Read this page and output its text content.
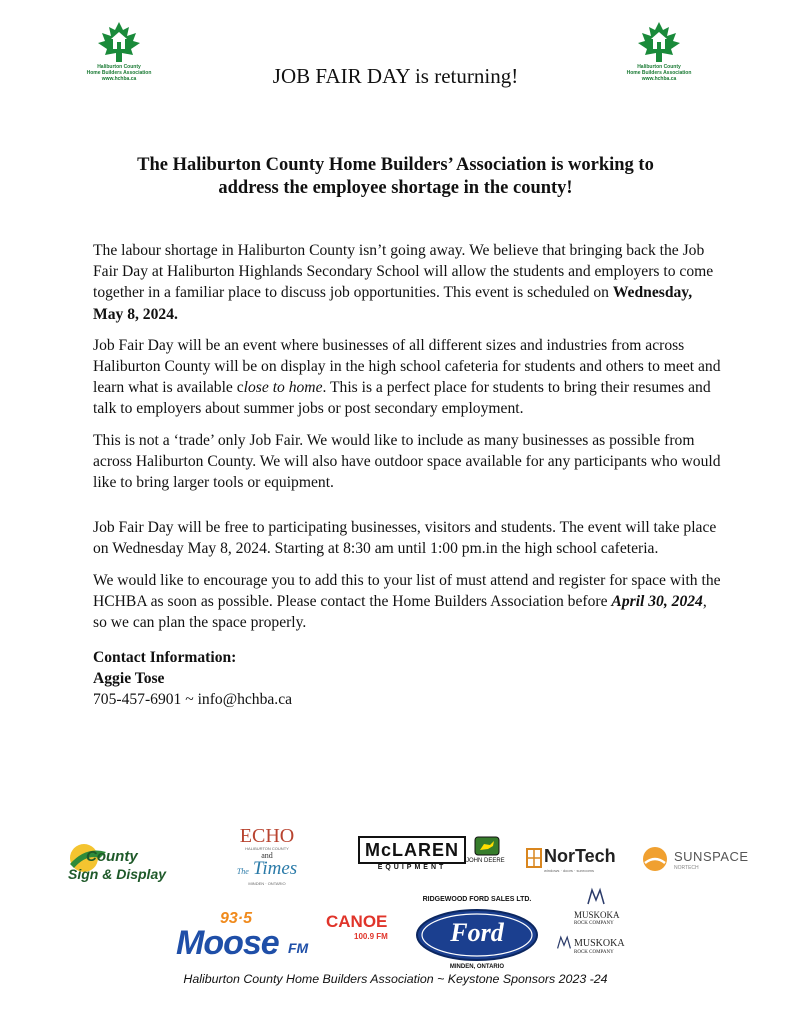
Haliburton County
Home Builders Association
www.hchba.ca
Haliburton County
Home Builders Association
www.hchba.ca
JOB FAIR DAY is returning!
The Haliburton County Home Builders’ Association is working to
address the employee shortage in the county!

The labour shortage in Haliburton County isn’t going away. We believe that bringing back the Job Fair Day at Haliburton Highlands Secondary School will allow the students and employers to come together in a familiar place to discuss job opportunities. This event is scheduled on Wednesday, May 8, 2024.

Job Fair Day will be an event where businesses of all different sizes and industries from across Haliburton County will be on display in the high school cafeteria for students and others to meet and learn what is available close to home. This is a perfect place for students to bring their resumes and talk to employers about summer jobs or post secondary employment.

This is not a ‘trade’ only Job Fair. We would like to include as many businesses as possible from across Haliburton County. We will also have outdoor space available for any participants who would like to bring larger tools or equipment.

Job Fair Day will be free to participating businesses, visitors and students. The event will take place on Wednesday May 8, 2024. Starting at 8:30 am until 1:00 pm.in the high school cafeteria.

We would like to encourage you to add this to your list of must attend and register for space with the HCHBA as soon as possible. Please contact the Home Builders Association before April 30, 2024, so we can plan the space properly.

Contact Information:
Aggie Tose
705-457-6901 ~ info@hchba.ca
County
Sign & Display
ECHO
HALIBURTON COUNTY
and
The Times
MINDEN · ONTARIO
McLAREN
EQUIPMENT
JOHN DEERE NorTech
windows · doors · sunrooms
SUNSPACE
NORTECH
93·5
Moose FM
CANOE
100.9 FM
RIDGEWOOD FORD SALES LTD.
Ford
MINDEN, ONTARIO
MUSKOKA
ROCK COMPANY
MUSKOKA
ROCK COMPANY
Haliburton County Home Builders Association ~ Keystone Sponsors 2023 -24
